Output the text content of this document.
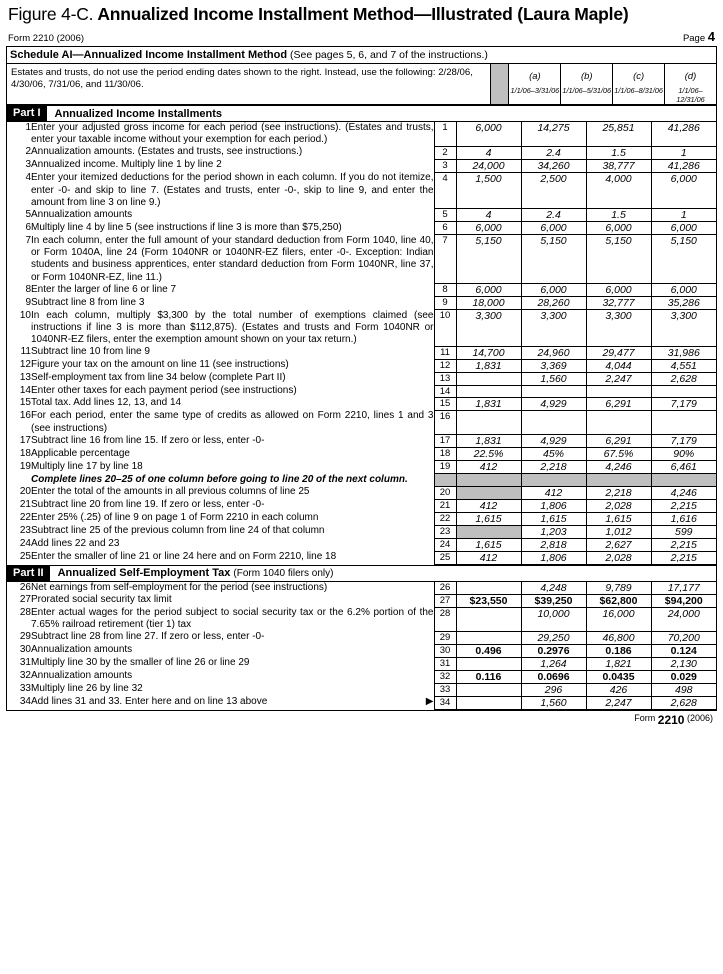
Figure 4-C. Annualized Income Installment Method—Illustrated (Laura Maple)
Form 2210 (2006)	Page 4
Schedule AI—Annualized Income Installment Method (See pages 5, 6, and 7 of the instructions.)
Estates and trusts, do not use the period ending dates shown to the right. Instead, use the following: 2/28/06, 4/30/06, 7/31/06, and 11/30/06.
(a)
1/1/06–3/31/06
(b)
1/1/06–5/31/06
(c)
1/1/06–8/31/06
(d)
1/1/06–12/31/06
Part I	Annualized Income Installments
1	Enter your adjusted gross income for each period (see instructions). (Estates and trusts, enter your taxable income without your exemption for each period.)	1	6,000	14,275	25,851	41,286
2	Annualization amounts. (Estates and trusts, see instructions.)	2	4	2.4	1.5	1
3	Annualized income. Multiply line 1 by line 2	3	24,000	34,260	38,777	41,286
4	Enter your itemized deductions for the period shown in each column. If you do not itemize, enter -0- and skip to line 7. (Estates and trusts, enter -0-, skip to line 9, and enter the amount from line 3 on line 9.)	4	1,500	2,500	4,000	6,000
5	Annualization amounts	5	4	2.4	1.5	1
6	Multiply line 4 by line 5 (see instructions if line 3 is more than $75,250)	6	6,000	6,000	6,000	6,000
7	In each column, enter the full amount of your standard deduction from Form 1040, line 40, or Form 1040A, line 24 (Form 1040NR or 1040NR-EZ filers, enter -0-. Exception: Indian students and business apprentices, enter standard deduction from Form 1040NR, line 37, or Form 1040NR-EZ, line 11.)	7	5,150	5,150	5,150	5,150
8	Enter the larger of line 6 or line 7	8	6,000	6,000	6,000	6,000
9	Subtract line 8 from line 3	9	18,000	28,260	32,777	35,286
10	In each column, multiply $3,300 by the total number of exemptions claimed (see instructions if line 3 is more than $112,875). (Estates and trusts and Form 1040NR or 1040NR-EZ filers, enter the exemption amount shown on your tax return.)	10	3,300	3,300	3,300	3,300
11	Subtract line 10 from line 9	11	14,700	24,960	29,477	31,986
12	Figure your tax on the amount on line 11 (see instructions)	12	1,831	3,369	4,044	4,551
13	Self-employment tax from line 34 below (complete Part II)	13		1,560	2,247	2,628
14	Enter other taxes for each payment period (see instructions)	14				
15	Total tax. Add lines 12, 13, and 14	15	1,831	4,929	6,291	7,179
16	For each period, enter the same type of credits as allowed on Form 2210, lines 1 and 3 (see instructions)	16				
17	Subtract line 16 from line 15. If zero or less, enter -0-	17	1,831	4,929	6,291	7,179
18	Applicable percentage	18	22.5%	45%	67.5%	90%
19	Multiply line 17 by line 18	19	412	2,218	4,246	6,461
	Complete lines 20–25 of one column before going to line 20 of the next column.					
20	Enter the total of the amounts in all previous columns of line 25	20		412	2,218	4,246
21	Subtract line 20 from line 19. If zero or less, enter -0-	21	412	1,806	2,028	2,215
22	Enter 25% (.25) of line 9 on page 1 of Form 2210 in each column	22	1,615	1,615	1,615	1,616
23	Subtract line 25 of the previous column from line 24 of that column	23		1,203	1,012	599
24	Add lines 22 and 23	24	1,615	2,818	2,627	2,215
25	Enter the smaller of line 21 or line 24 here and on Form 2210, line 18	25	412	1,806	2,028	2,215
Part II	Annualized Self-Employment Tax (Form 1040 filers only)
26	Net earnings from self-employment for the period (see instructions)	26		4,248	9,789	17,177
27	Prorated social security tax limit	27	$23,550	$39,250	$62,800	$94,200
28	Enter actual wages for the period subject to social security tax or the 6.2% portion of the 7.65% railroad retirement (tier 1) tax	28		10,000	16,000	24,000
29	Subtract line 28 from line 27. If zero or less, enter -0-	29		29,250	46,800	70,200
30	Annualization amounts	30	0.496	0.2976	0.186	0.124
31	Multiply line 30 by the smaller of line 26 or line 29	31		1,264	1,821	2,130
32	Annualization amounts	32	0.116	0.0696	0.0435	0.029
33	Multiply line 26 by line 32	33		296	426	498
34	Add lines 31 and 33. Enter here and on line 13 above ▶	34		1,560	2,247	2,628
Form
2210
(2006)
